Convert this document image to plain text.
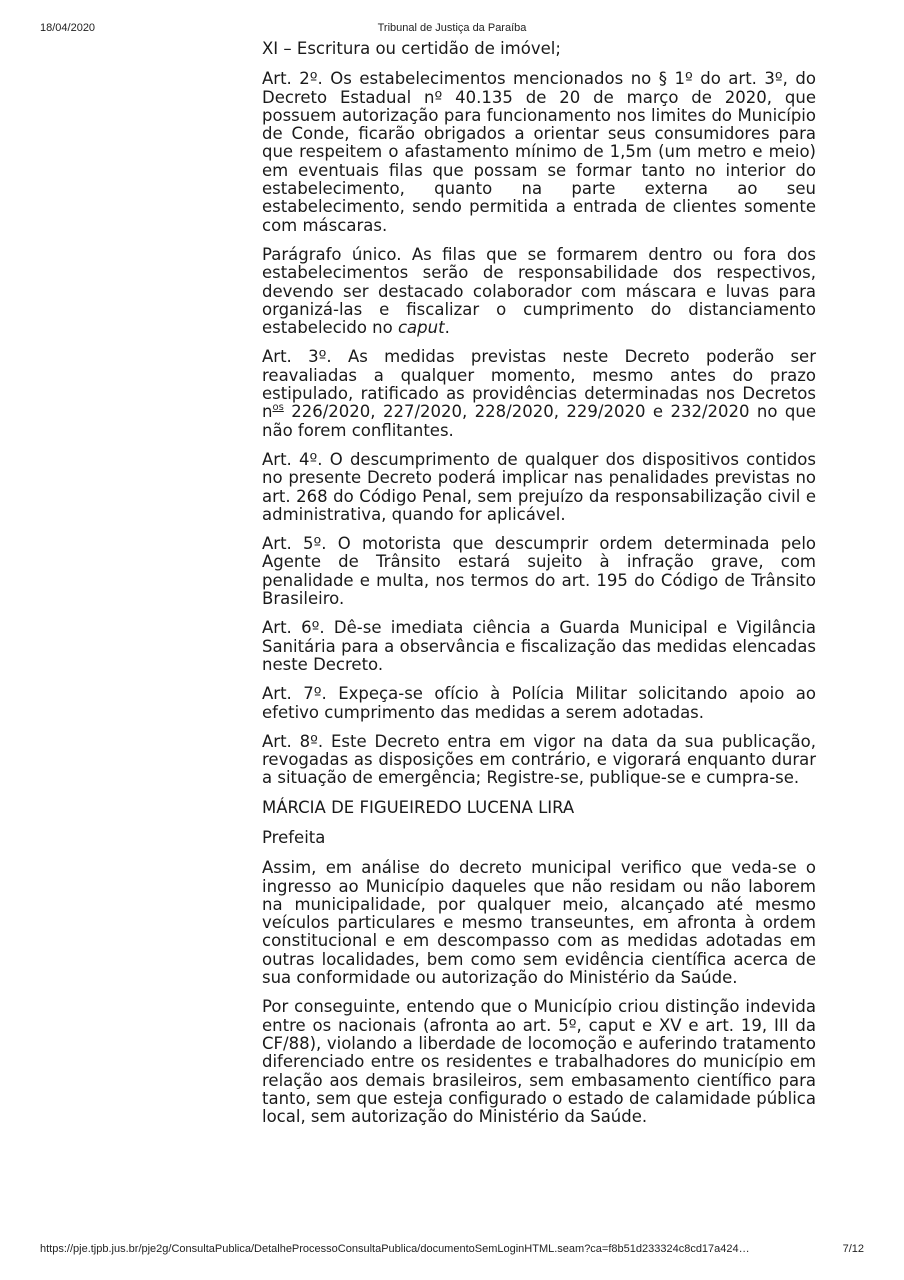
18/04/2020	Tribunal de Justiça da Paraíba

XI – Escritura ou certidão de imóvel;

Art. 2º. Os estabelecimentos mencionados no § 1º do art. 3º, do Decreto Estadual nº 40.135 de 20 de março de 2020, que possuem autorização para funcionamento nos limites do Município de Conde, ficarão obrigados a orientar seus consumidores para que respeitem o afastamento mínimo de 1,5m (um metro e meio) em eventuais filas que possam se formar tanto no interior do estabelecimento, quanto na parte externa ao seu estabelecimento, sendo permitida a entrada de clientes somente com máscaras.

Parágrafo único. As filas que se formarem dentro ou fora dos estabelecimentos serão de responsabilidade dos respectivos, devendo ser destacado colaborador com máscara e luvas para organizá-las e fiscalizar o cumprimento do distanciamento estabelecido no caput.

Art. 3º. As medidas previstas neste Decreto poderão ser reavaliadas a qualquer momento, mesmo antes do prazo estipulado, ratificado as providências determinadas nos Decretos $n^{os}$ 226/2020, 227/2020, 228/2020, 229/2020 e 232/2020 no que não forem conflitantes.

Art. 4º. O descumprimento de qualquer dos dispositivos contidos no presente Decreto poderá implicar nas penalidades previstas no art. 268 do Código Penal, sem prejuízo da responsabilização civil e administrativa, quando for aplicável.

Art. 5º. O motorista que descumprir ordem determinada pelo Agente de Trânsito estará sujeito à infração grave, com penalidade e multa, nos termos do art. 195 do Código de Trânsito Brasileiro.

Art. 6º. Dê-se imediata ciência a Guarda Municipal e Vigilância Sanitária para a observância e fiscalização das medidas elencadas neste Decreto.

Art. 7º. Expeça-se ofício à Polícia Militar solicitando apoio ao efetivo cumprimento das medidas a serem adotadas.

Art. 8º. Este Decreto entra em vigor na data da sua publicação, revogadas as disposições em contrário, e vigorará enquanto durar a situação de emergência; Registre-se, publique-se e cumpra-se.

MÁRCIA DE FIGUEIREDO LUCENA LIRA

Prefeita

Assim, em análise do decreto municipal verifico que veda-se o ingresso ao Município daqueles que não residam ou não laborem na municipalidade, por qualquer meio, alcançado até mesmo veículos particulares e mesmo transeuntes, em afronta à ordem constitucional e em descompasso com as medidas adotadas em outras localidades, bem como sem evidência científica acerca de sua conformidade ou autorização do Ministério da Saúde.

Por conseguinte, entendo que o Município criou distinção indevida entre os nacionais (afronta ao art. 5º, caput e XV e art. 19, III da CF/88), violando a liberdade de locomoção e auferindo tratamento diferenciado entre os residentes e trabalhadores do município em relação aos demais brasileiros, sem embasamento científico para tanto, sem que esteja configurado o estado de calamidade pública local, sem autorização do Ministério da Saúde.

https://pje.tjpb.jus.br/pje2g/ConsultaPublica/DetalheProcessoConsultaPublica/documentoSemLoginHTML.seam?ca=f8b51d233324c8cd17a424…	7/12
